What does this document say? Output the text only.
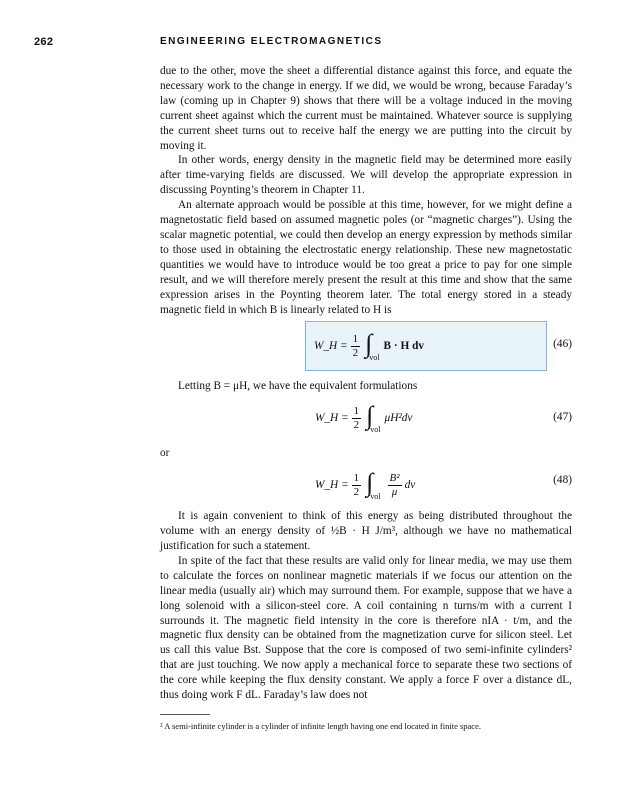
262	ENGINEERING ELECTROMAGNETICS

due to the other, move the sheet a differential distance against this force, and equate the necessary work to the change in energy. If we did, we would be wrong, because Faraday’s law (coming up in Chapter 9) shows that there will be a voltage induced in the moving current sheet against which the current must be maintained. Whatever source is supplying the current sheet turns out to receive half the energy we are putting into the circuit by moving it.

In other words, energy density in the magnetic field may be determined more easily after time-varying fields are discussed. We will develop the appropriate expression in discussing Poynting’s theorem in Chapter 11.

An alternate approach would be possible at this time, however, for we might define a magnetostatic field based on assumed magnetic poles (or “magnetic charges”). Using the scalar magnetic potential, we could then develop an energy expression by methods similar to those used in obtaining the electrostatic energy relationship. These new magnetostatic quantities we would have to introduce would be too great a price to pay for one simple result, and we will therefore merely present the result at this time and show that the same expression arises in the Poynting theorem later. The total energy stored in a steady magnetic field in which B is linearly related to H is

W_H = $\frac{1}{2}$ ∫
vol
B · H dv	(46)

Letting B = μH, we have the equivalent formulations

W_H = $\frac{1}{2}$ ∫
vol
μH²dv	(47)

or

W_H = $\frac{1}{2}$ ∫
vol $\frac{\text{B²}}{\mu}$ dv	(48)

It is again convenient to think of this energy as being distributed throughout the volume with an energy density of ½B · H J/m³, although we have no mathematical justification for such a statement.

In spite of the fact that these results are valid only for linear media, we may use them to calculate the forces on nonlinear magnetic materials if we focus our attention on the linear media (usually air) which may surround them. For example, suppose that we have a long solenoid with a silicon-steel core. A coil containing n turns/m with a current I surrounds it. The magnetic field intensity in the core is therefore nIA · t/m, and the magnetic flux density can be obtained from the magnetization curve for silicon steel. Let us call this value Bst. Suppose that the core is composed of two semi-infinite cylinders² that are just touching. We now apply a mechanical force to separate these two sections of the core while keeping the flux density constant. We apply a force F over a distance dL, thus doing work F dL. Faraday’s law does not

² A semi-infinite cylinder is a cylinder of infinite length having one end located in finite space.
